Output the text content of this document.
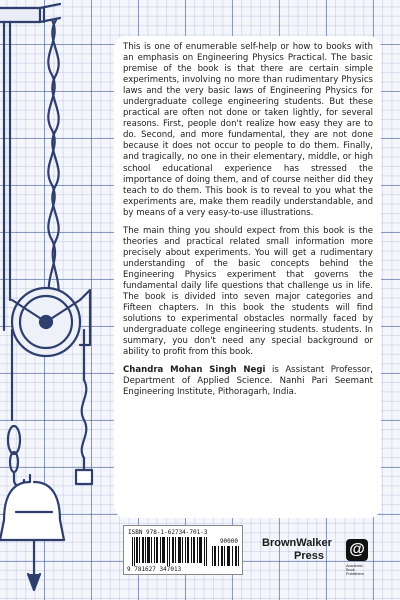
This is one of enumerable self-help or how to books with an emphasis on Engineering Physics Practical. The basic premise of the book is that there are certain simple experiments, involving no more than rudimentary Physics laws and the very basic laws of Engineering Physics for undergraduate college engineering students. But these practical are often not done or taken lightly, for several reasons. First, people don't realize how easy they are to do. Second, and more fundamental, they are not done because it does not occur to people to do them. Finally, and tragically, no one in their elementary, middle, or high school educational experience has stressed the importance of doing them, and of course neither did they teach to do them. This book is to reveal to you what the experiments are, make them readily understandable, and by means of a very easy-to-use illustrations.

The main thing you should expect from this book is the theories and practical related small information more precisely about experiments. You will get a rudimentary understanding of the basic concepts behind the Engineering Physics experiment that governs the fundamental daily life questions that challenge us in life. The book is divided into seven major categories and Fifteen chapters. In this book the students will find solutions to experimental obstacles normally faced by undergraduate college engineering students. students. In summary, you don't need any special background or ability to profit from this book.

Chandra Mohan Singh Negi is Assistant Professor, Department of Applied Science. Nanhi Pari Seemant Engineering Institute, Pithoragarh, India.

ISBN 978-1-62734-701-3
90000
9 781627 347013
BrownWalker
Press @
Academic Book Publishers
